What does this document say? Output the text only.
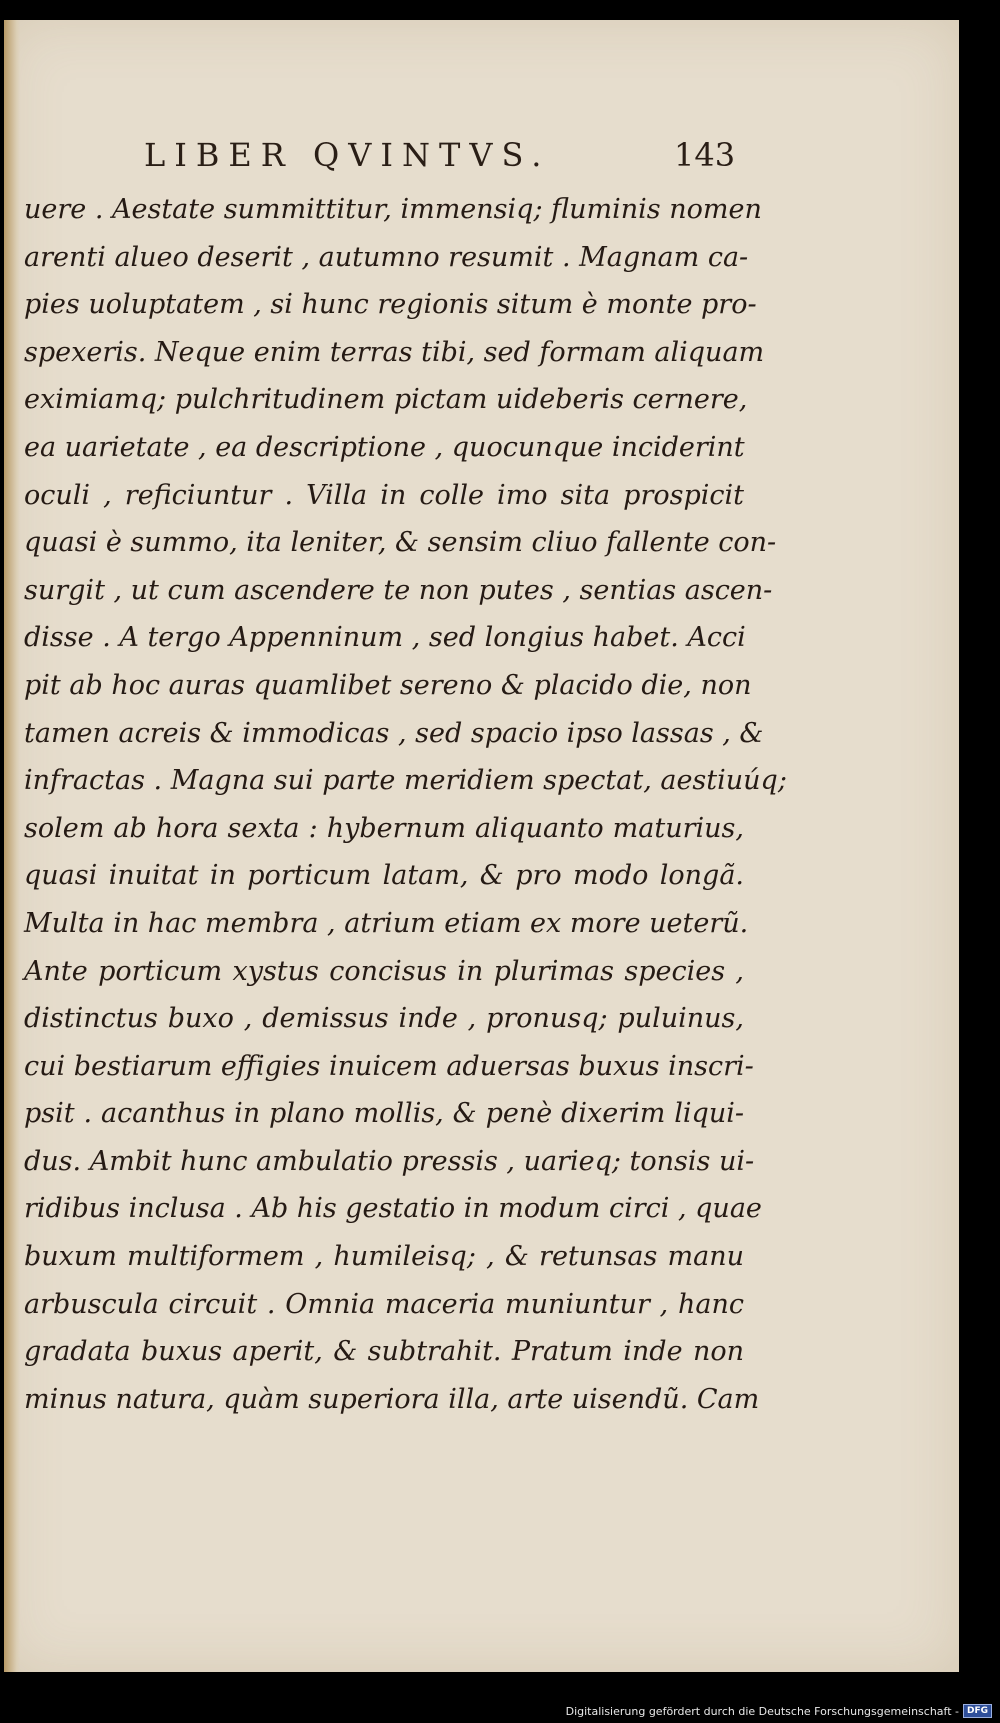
LIBER QVINTVS.	143
uere . Aestate summittitur, immensiq; fluminis nomen
arenti alueo deserit , autumno resumit . Magnam ca-
pies uoluptatem , si hunc regionis situm è monte pro-
spexeris. Neque enim terras tibi, sed formam aliquam
eximiamq; pulchritudinem pictam uideberis cernere,
ea uarietate , ea descriptione , quocunque inciderint
oculi , reficiuntur . Villa in colle imo sita prospicit
quasi è summo, ita leniter, & sensim cliuo fallente con-
surgit , ut cum ascendere te non putes , sentias ascen-
disse . A tergo Appenninum , sed longius habet. Acci
pit ab hoc auras quamlibet sereno & placido die, non
tamen acreis & immodicas , sed spacio ipso lassas , &
infractas . Magna sui parte meridiem spectat, aestiuúq;
solem ab hora sexta : hybernum aliquanto maturius,
quasi inuitat in porticum latam, & pro modo longã.
Multa in hac membra , atrium etiam ex more ueterũ.
Ante porticum xystus concisus in plurimas species ,
distinctus buxo , demissus inde , pronusq; puluinus,
cui bestiarum effigies inuicem aduersas buxus inscri-
psit . acanthus in plano mollis, & penè dixerim liqui-
dus. Ambit hunc ambulatio pressis , uarieq; tonsis ui-
ridibus inclusa . Ab his gestatio in modum circi , quae
buxum multiformem , humileisq; , & retunsas manu
arbuscula circuit . Omnia maceria muniuntur , hanc
gradata buxus aperit, & subtrahit. Pratum inde non
minus natura, quàm superiora illa, arte uisendũ. Cam
Digitalisierung gefördert durch die Deutsche Forschungsgemeinschaft - DFG
